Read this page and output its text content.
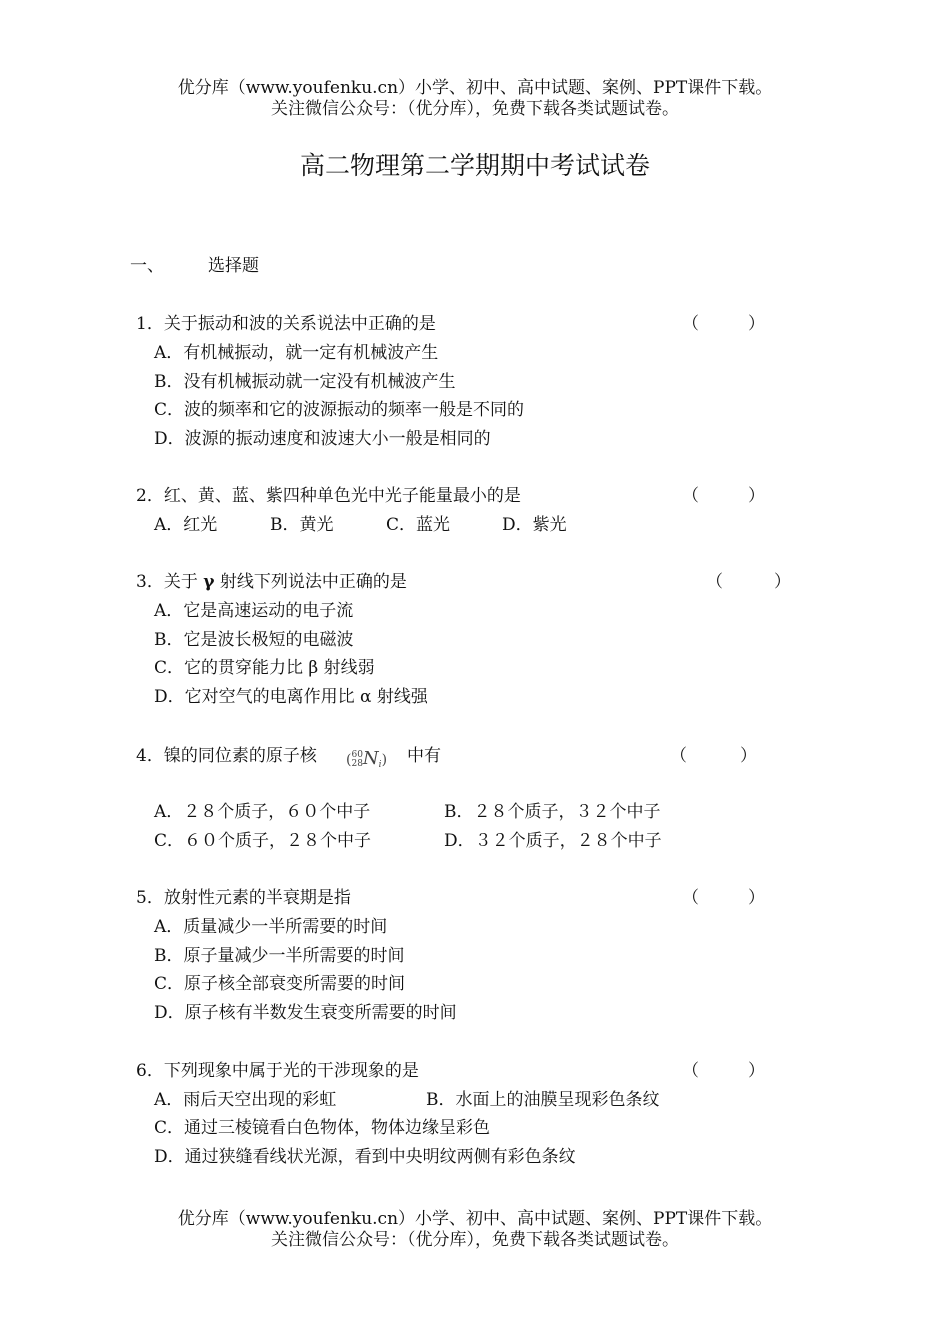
优分库（www.youfenku.cn）小学、初中、高中试题、案例、PPT课件下载。
关注微信公众号：（优分库），免费下载各类试题试卷。
高二物理第二学期期中考试试卷
一、	选择题
1．关于振动和波的关系说法中正确的是	（	）
A．有机械振动，就一定有机械波产生
B．没有机械振动就一定没有机械波产生
C．波的频率和它的波源振动的频率一般是不同的
D．波源的振动速度和波速大小一般是相同的
2．红、黄、蓝、紫四种单色光中光子能量最小的是	（	）
A．红光	B．黄光	C．蓝光	D．紫光
3．关于 γ 射线下列说法中正确的是	（	）
A．它是高速运动的电子流
B．它是波长极短的电磁波
C．它的贯穿能力比 β 射线弱
D．它对空气的电离作用比 α 射线强
4．镍的同位素的原子核 (60
$28N_i$) 中有	（	）
A．２８个质子，６０个中子	B．２８个质子，３２个中子
C．６０个质子，２８个中子	D．３２个质子，２８个中子
5．放射性元素的半衰期是指	（	）
A．质量减少一半所需要的时间
B．原子量减少一半所需要的时间
C．原子核全部衰变所需要的时间
D．原子核有半数发生衰变所需要的时间
6．下列现象中属于光的干涉现象的是	（	）
A．雨后天空出现的彩虹	B．水面上的油膜呈现彩色条纹
C．通过三棱镜看白色物体，物体边缘呈彩色
D．通过狭缝看线状光源，看到中央明纹两侧有彩色条纹
优分库（www.youfenku.cn）小学、初中、高中试题、案例、PPT课件下载。
关注微信公众号：（优分库），免费下载各类试题试卷。
